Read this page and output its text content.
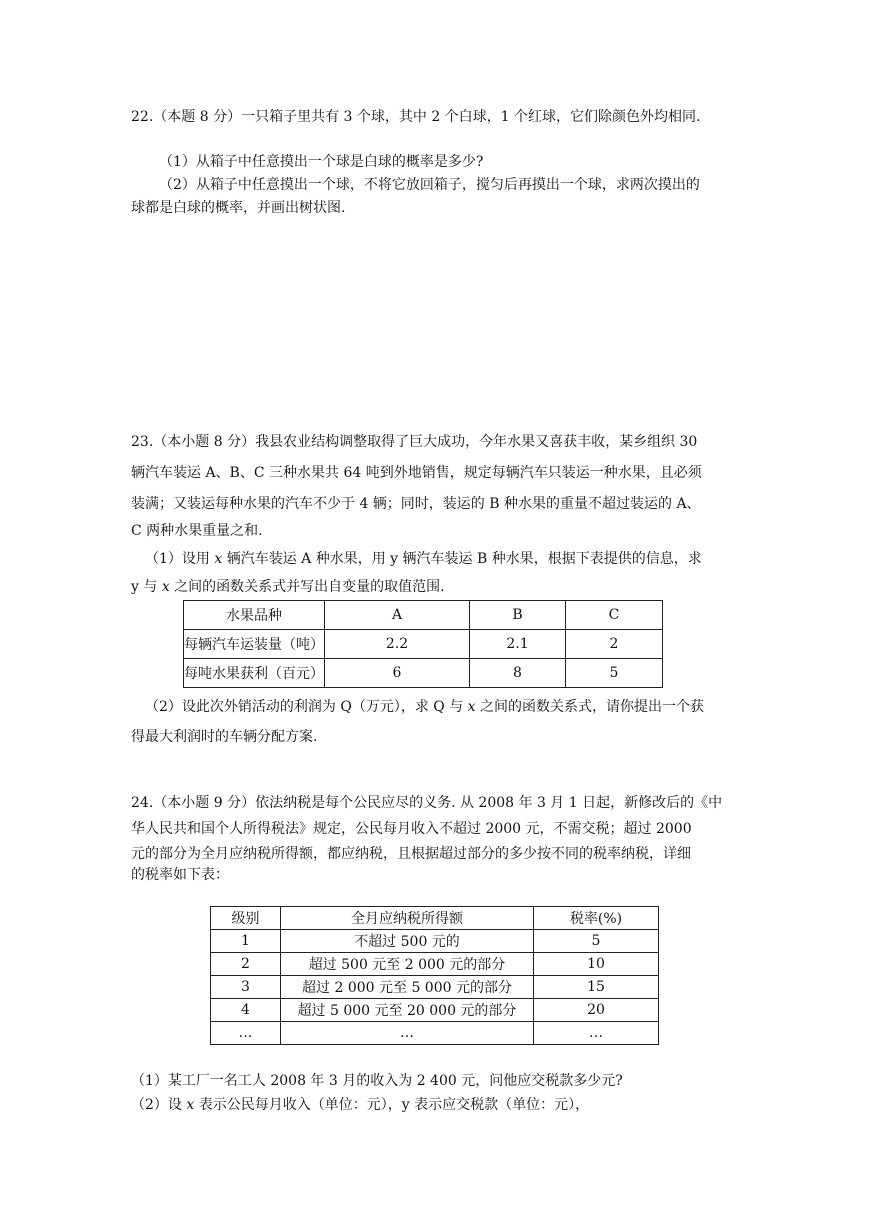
22.（本题 8 分）一只箱子里共有 3 个球，其中 2 个白球，1 个红球，它们除颜色外均相同.
（1）从箱子中任意摸出一个球是白球的概率是多少?
（2）从箱子中任意摸出一个球，不将它放回箱子，搅匀后再摸出一个球，求两次摸出的
球都是白球的概率，并画出树状图.
23.（本小题 8 分）我县农业结构调整取得了巨大成功，今年水果又喜获丰收，某乡组织 30
辆汽车装运 A、B、C 三种水果共 64 吨到外地销售，规定每辆汽车只装运一种水果，且必须
装满；又装运每种水果的汽车不少于 4 辆；同时，装运的 B 种水果的重量不超过装运的 A、
C 两种水果重量之和.
（1）设用 x 辆汽车装运 A 种水果，用 y 辆汽车装运 B 种水果，根据下表提供的信息，求
y 与 x 之间的函数关系式并写出自变量的取值范围.
水果品种	A	B	C
每辆汽车运装量（吨）	2.2	2.1	2
每吨水果获利（百元）	6	8	5
（2）设此次外销活动的利润为 Q（万元），求 Q 与 x 之间的函数关系式，请你提出一个获
得最大利润时的车辆分配方案.
24.（本小题 9 分）依法纳税是每个公民应尽的义务. 从 2008 年 3 月 1 日起，新修改后的《中
华人民共和国个人所得税法》规定，公民每月收入不超过 2000 元，不需交税；超过 2000
元的部分为全月应纳税所得额，都应纳税，且根据超过部分的多少按不同的税率纳税，详细
的税率如下表：
级别	全月应纳税所得额	税率(%)
1	不超过 500 元的	5
2	超过 500 元至 2 000 元的部分	10
3	超过 2 000 元至 5 000 元的部分	15
4	超过 5 000 元至 20 000 元的部分	20
…	…	…
（1）某工厂一名工人 2008 年 3 月的收入为 2 400 元，问他应交税款多少元?
（2）设 x 表示公民每月收入（单位：元），y 表示应交税款（单位：元），
